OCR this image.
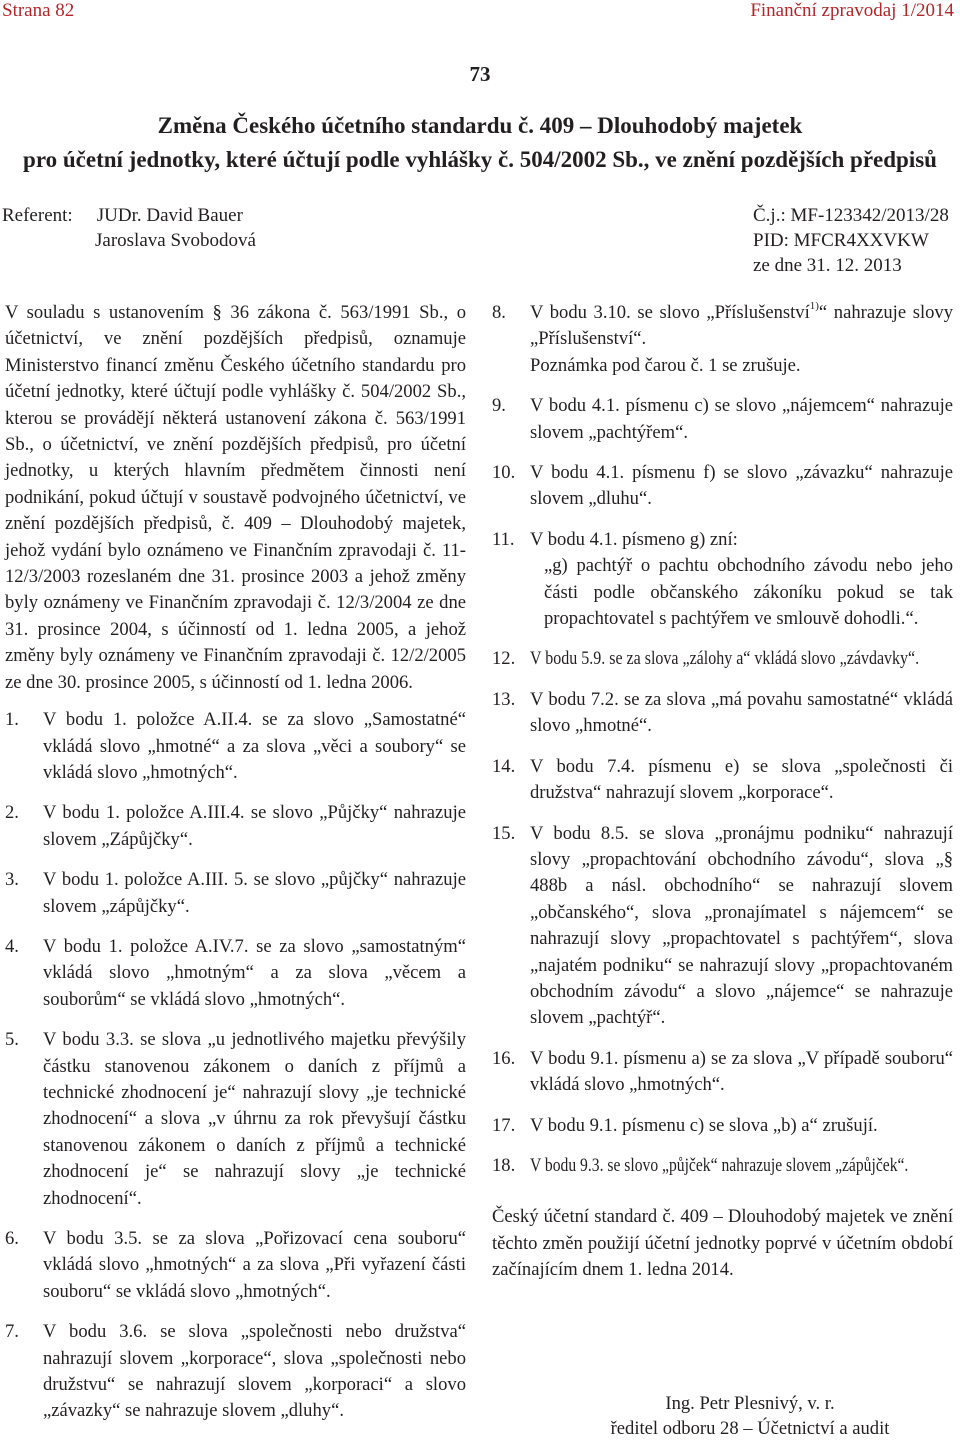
Strana 82	Finanční zpravodaj 1/2014
73
Změna Českého účetního standardu č. 409 – Dlouhodobý majetek
pro účetní jednotky, které účtují podle vyhlášky č. 504/2002 Sb., ve znění pozdějších předpisů
Referent: JUDr. David Bauer
Jaroslava Svobodová
Č.j.: MF-123342/2013/28
PID: MFCR4XXVKW
ze dne 31. 12. 2013

V souladu s ustanovením § 36 zákona č. 563/1991 Sb., o účetnictví, ve znění pozdějších předpisů, oznamuje Ministerstvo financí změnu Českého účetního standardu pro účetní jednotky, které účtují podle vyhlášky č. 504/2002 Sb., kterou se provádějí některá ustanovení zákona č. 563/1991 Sb., o účetnictví, ve znění pozdějších předpisů, pro účetní jednotky, u kterých hlavním předmětem činnosti není podnikání, pokud účtují v soustavě podvojného účetnictví, ve znění pozdějších předpisů, č. 409 – Dlouhodobý majetek, jehož vydání bylo oznámeno ve Finančním zpravodaji č. 11-12/3/2003 rozeslaném dne 31. prosince 2003 a jehož změny byly oznámeny ve Finančním zpravodaji č. 12/3/2004 ze dne 31. prosince 2004, s účinností od 1. ledna 2005, a jehož změny byly oznámeny ve Finančním zpravodaji č. 12/2/2005 ze dne 30. prosince 2005, s účinností od 1. ledna 2006.

1. V bodu 1. položce A.II.4. se za slovo „Samostatné“ vkládá slovo „hmotné“ a za slova „věci a soubory“ se vkládá slovo „hmotných“.
2. V bodu 1. položce A.III.4. se slovo „Půjčky“ nahrazuje slovem „Zápůjčky“.
3. V bodu 1. položce A.III. 5. se slovo „půjčky“ nahrazuje slovem „zápůjčky“.
4. V bodu 1. položce A.IV.7. se za slovo „samostatným“ vkládá slovo „hmotným“ a za slova „věcem a souborům“ se vkládá slovo „hmotných“.
5. V bodu 3.3. se slova „u jednotlivého majetku převýšily částku stanovenou zákonem o daních z příjmů a technické zhodnocení je“ nahrazují slovy „je technické zhodnocení“ a slova „v úhrnu za rok převyšují částku stanovenou zákonem o daních z příjmů a technické zhodnocení je“ se nahrazují slovy „je technické zhodnocení“.
6. V bodu 3.5. se za slova „Pořizovací cena souboru“ vkládá slovo „hmotných“ a za slova „Při vyřazení části souboru“ se vkládá slovo „hmotných“.
7. V bodu 3.6. se slova „společnosti nebo družstva“ nahrazují slovem „korporace“, slova „společnosti nebo družstvu“ se nahrazují slovem „korporaci“ a slovo „závazky“ se nahrazuje slovem „dluhy“.
8. V bodu 3.10. se slovo „Příslušenství$^{1)}$“ nahrazuje slovy „Příslušenství“.
Poznámka pod čarou č. 1 se zrušuje.
9. V bodu 4.1. písmenu c) se slovo „nájemcem“ nahrazuje slovem „pachtýřem“.
10. V bodu 4.1. písmenu f) se slovo „závazku“ nahrazuje slovem „dluhu“.
11. V bodu 4.1. písmeno g) zní:
„g) pachtýř o pachtu obchodního závodu nebo jeho části podle občanského zákoníku pokud se tak propachtovatel s pachtýřem ve smlouvě dohodli.“.
12. V bodu 5.9. se za slova „zálohy a“ vkládá slovo „závdavky“.
13. V bodu 7.2. se za slova „má povahu samostatné“ vkládá slovo „hmotné“.
14. V bodu 7.4. písmenu e) se slova „společnosti či družstva“ nahrazují slovem „korporace“.
15. V bodu 8.5. se slova „pronájmu podniku“ nahrazují slovy „propachtování obchodního závodu“, slova „§ 488b a násl. obchodního“ se nahrazují slovem „občanského“, slova „pronajímatel s nájemcem“ se nahrazují slovy „propachtovatel s pachtýřem“, slova „najatém podniku“ se nahrazují slovy „propachtovaném obchodním závodu“ a slovo „nájemce“ se nahrazuje slovem „pachtýř“.
16. V bodu 9.1. písmenu a) se za slova „V případě souboru“ vkládá slovo „hmotných“.
17. V bodu 9.1. písmenu c) se slova „b) a“ zrušují.
18. V bodu 9.3. se slovo „půjček“ nahrazuje slovem „zápůjček“.

Český účetní standard č. 409 – Dlouhodobý majetek ve znění těchto změn použijí účetní jednotky poprvé v účetním období začínajícím dnem 1. ledna 2014.

Ing. Petr Plesnivý, v. r.
ředitel odboru 28 – Účetnictví a audit
